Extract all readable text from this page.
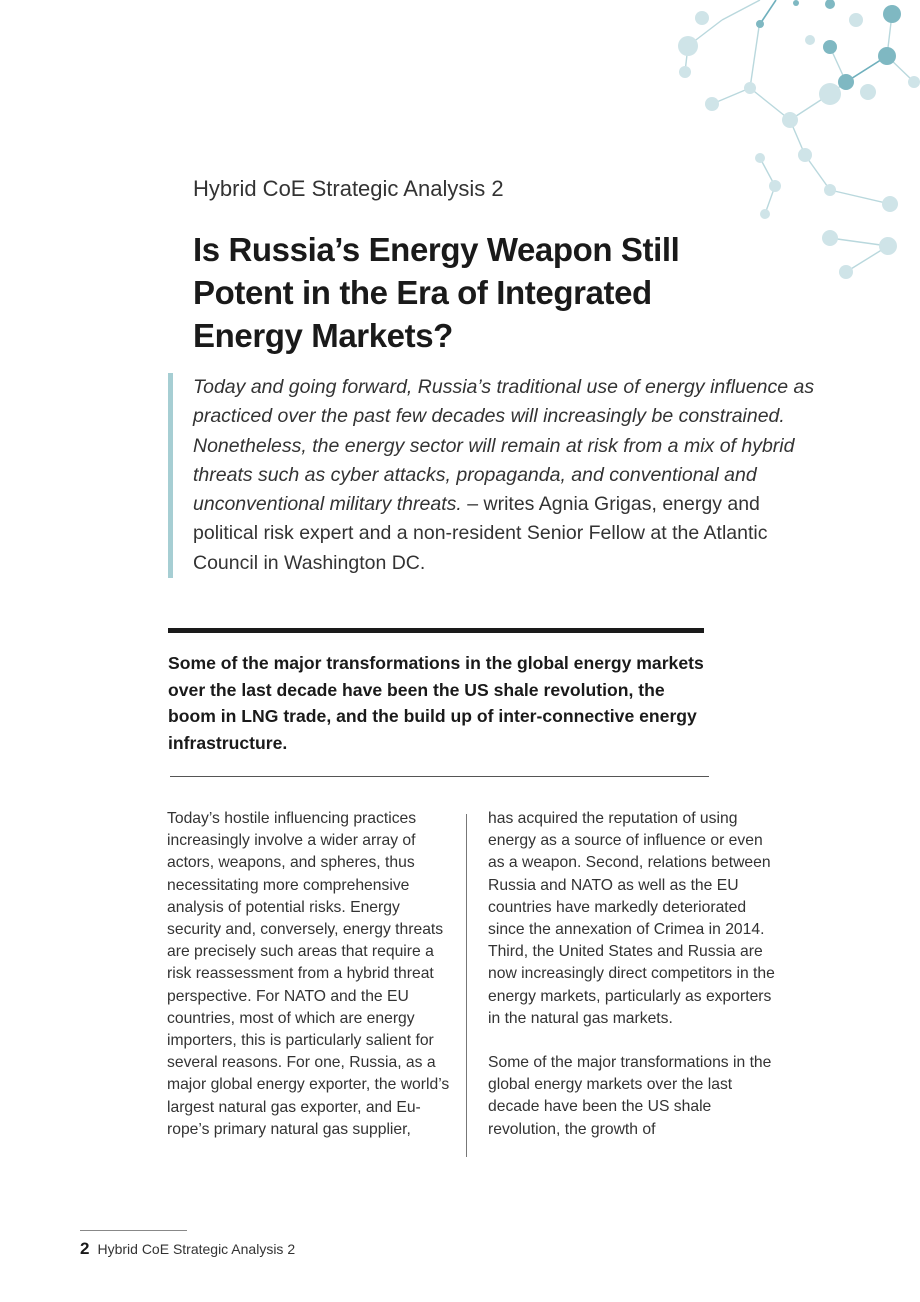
Hybrid CoE Strategic Analysis 2
Is Russia’s Energy Weapon Still Potent in the Era of Integrated Energy Markets?
Today and going forward, Russia’s traditional use of energy influence as practiced over the past few decades will increasingly be constrained. Nonetheless, the energy sector will remain at risk from a mix of hybrid threats such as cyber attacks, propaganda, and conventional and unconventional military threats. – writes Agnia Grigas, energy and political risk expert and a non-resident Senior Fellow at the Atlantic Council in Washington DC.
Some of the major transformations in the global energy markets over the last decade have been the US shale revolution, the boom in LNG trade, and the build up of inter-connective energy infrastructure.

Today’s hostile influencing practices increasingly involve a wider array of actors, weapons, and spheres, thus necessitating more comprehensive analysis of potential risks. Energy security and, conversely, energy threats are precisely such areas that require a risk reassessment from a hybrid threat perspective. For NATO and the EU countries, most of which are energy importers, this is particularly salient for several reasons. For one, Russia, as a major global energy exporter, the world’s largest natural gas exporter, and Europe’s primary natural gas supplier,

has acquired the reputation of using energy as a source of influence or even as a weapon. Second, relations between Russia and NATO as well as the EU countries have markedly deteriorated since the annexation of Crimea in 2014. Third, the United States and Russia are now increasingly direct competitors in the energy markets, particularly as exporters in the natural gas markets.

Some of the major transformations in the global energy markets over the last decade have been the US shale revolution, the growth of

2 Hybrid CoE Strategic Analysis 2
